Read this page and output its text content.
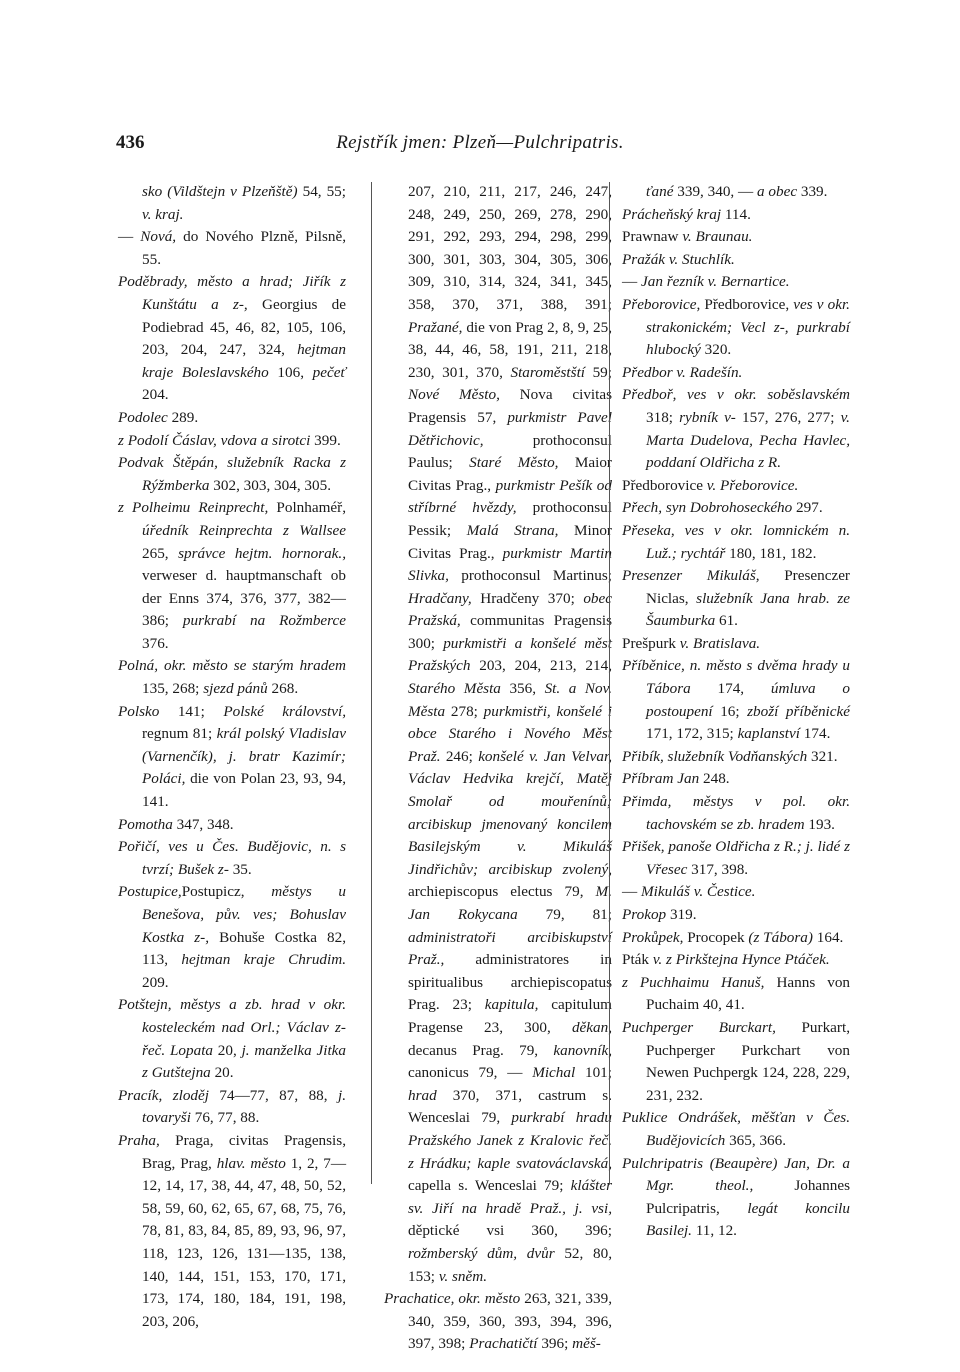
436	Rejstřík jmen: Plzeň—Pulchripatris.

sko (Vildštejn v Plzeňště) 54, 55; v. kraj.

— Nová, do Nového Plzně, Pilsně, 55.

Poděbrady, město a hrad; Jiřík z Kunštátu a z-, Georgius de Podiebrad 45, 46, 82, 105, 106, 203, 204, 247, 324, hejtman kraje Boleslavského 106, pečeť 204.

Podolec 289.

z Podolí Čáslav, vdova a sirotci 399.

Podvak Štěpán, služebník Racka z Rýžmberka 302, 303, 304, 305.

z Polheimu Reinprecht, Polnhaméř, úředník Reinprechta z Wallsee 265, správce hejtm. hornorak., verweser d. hauptmanschaft ob der Enns 374, 376, 377, 382—386; purkrabí na Rožmberce 376.

Polná, okr. město se starým hradem 135, 268; sjezd pánů 268.

Polsko 141; Polské království, regnum 81; král polský Vladislav (Varnenčík), j. bratr Kazimír; Poláci, die von Polan 23, 93, 94, 141.

Pomotha 347, 348.

Pořičí, ves u Čes. Budějovic, n. s tvrzí; Bušek z- 35.

Postupice,Postupicz, městys u Benešova, pův. ves; Bohuslav Kostka z-, Bohuše Costka 82, 113, hejtman kraje Chrudim. 209.

Potštejn, městys a zb. hrad v okr. kosteleckém nad Orl.; Václav z- řeč. Lopata 20, j. manželka Jitka z Gutštejna 20.

Pracík, zloděj 74—77, 87, 88, j. tovaryši 76, 77, 88.

Praha, Praga, civitas Pragensis, Brag, Prag, hlav. město 1, 2, 7—12, 14, 17, 38, 44, 47, 48, 50, 52, 58, 59, 60, 62, 65, 67, 68, 75, 76, 78, 81, 83, 84, 85, 89, 93, 96, 97, 118, 123, 126, 131—135, 138, 140, 144, 151, 153, 170, 171, 173, 174, 180, 184, 191, 198, 203, 206,

207, 210, 211, 217, 246, 247, 248, 249, 250, 269, 278, 290, 291, 292, 293, 294, 298, 299, 300, 301, 303, 304, 305, 306, 309, 310, 314, 324, 341, 345, 358, 370, 371, 388, 391; Pražané, die von Prag 2, 8, 9, 25, 38, 44, 46, 58, 191, 211, 218, 230, 301, 370, Staroměstští 59; Nové Město, Nova civitas Pragensis 57, purkmistr Pavel Dětřichovic, prothoconsul Paulus; Staré Město, Maior Civitas Prag., purkmistr Pešík od stříbrné hvězdy, prothoconsul Pessik; Malá Strana, Minor Civitas Prag., purkmistr Martin Slivka, prothoconsul Martinus; Hradčany, Hradčeny 370; obec Pražská, communitas Pragensis 300; purkmistři a konšelé měst Pražských 203, 204, 213, 214, Starého Města 356, St. a Nov. Města 278; purkmistři, konšelé i obce Starého i Nového Měst Praž. 246; konšelé v. Jan Velvar, Václav Hedvika krejčí, Matěj Smolař od mouřenínů; arcibiskup jmenovaný koncilem Basilejským v. Mikuláš Jindřichův; arcibiskup zvolený, archiepiscopus electus 79, M. Jan Rokycana 79, 81; administratoři arcibiskupství Praž., administratores in spiritualibus archiepiscopatus Prag. 23; kapitula, capitulum Pragense 23, 300, děkan, decanus Prag. 79, kanovník, canonicus 79, — Michal 101; hrad 370, 371, castrum s. Wenceslai 79, purkrabí hradu Pražského Janek z Kralovic řeč. z Hrádku; kaple svatováclavská, capella s. Wenceslai 79; klášter sv. Jiří na hradě Praž., j. vsi, děptické vsi 360, 396; rožmberský dům, dvůr 52, 80, 153; v. sněm.

Prachatice, okr. město 263, 321, 339, 340, 359, 360, 393, 394, 396, 397, 398; Prachatičtí 396; měš-

ťané 339, 340, — a obec 339.

Prácheňský kraj 114.

Prawnaw v. Braunau.

Pražák v. Stuchlík.

— Jan řezník v. Bernartice.

Přeborovice, Předborovice, ves v okr. strakonickém; Vecl z-, purkrabí hlubocký 320.

Předbor v. Radešín.

Předboř, ves v okr. soběslavském 318; rybník v- 157, 276, 277; v. Marta Dudelova, Pecha Havlec, poddaní Oldřicha z R.

Předborovice v. Přeborovice.

Přech, syn Dobrohoseckého 297.

Přeseka, ves v okr. lomnickém n. Luž.; rychtář 180, 181, 182.

Presenzer Mikuláš, Presenczer Niclas, služebník Jana hrab. ze Šaumburka 61.

Prešpurk v. Bratislava.

Příběnice, n. město s dvěma hrady u Tábora 174, úmluva o postoupení 16; zboží příběnické 171, 172, 315; kaplanství 174.

Přibík, služebník Vodňanských 321.

Příbram Jan 248.

Přimda, městys v pol. okr. tachovském se zb. hradem 193.

Přišek, panoše Oldřicha z R.; j. lidé z Vřesec 317, 398.

— Mikuláš v. Čestice.

Prokop 319.

Prokůpek, Procopek (z Tábora) 164.

Pták v. z Pirkštejna Hynce Ptáček.

z Puchhaimu Hanuš, Hanns von Puchaim 40, 41.

Puchperger Burckart, Purkart, Puchperger Purkchart von Newen Puchpergk 124, 228, 229, 231, 232.

Puklice Ondrášek, měšťan v Čes. Budějovicích 365, 366.

Pulchripatris (Beaupère) Jan, Dr. a Mgr. theol., Johannes Pulcripatris, legát koncilu Basilej. 11, 12.
